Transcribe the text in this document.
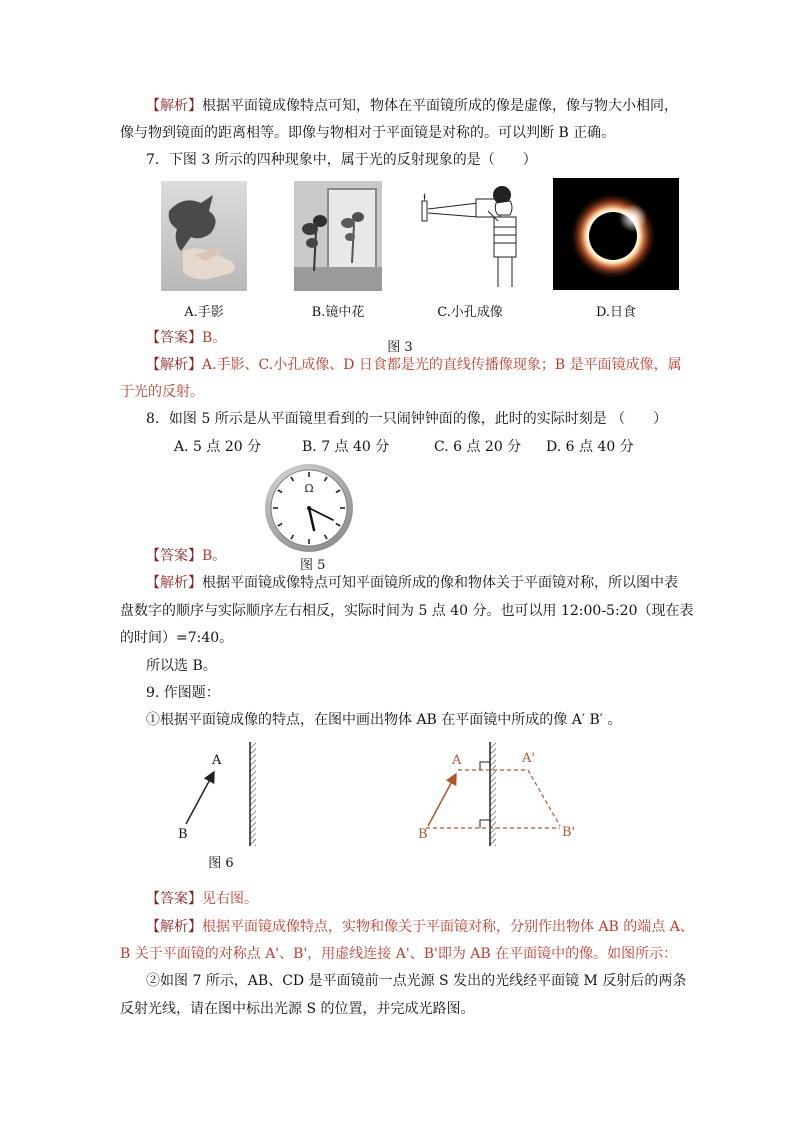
【解析】根据平面镜成像特点可知，物体在平面镜所成的像是虚像，像与物大小相同，
像与物到镜面的距离相等。即像与物相对于平面镜是对称的。可以判断 B 正确。
7．下图 3 所示的四种现象中，属于光的反射现象的是（　　）
A.手影	B.镜中花	C.小孔成像	D.日食
【答案】B。
图 3
【解析】A.手影、C.小孔成像、D 日食都是光的直线传播像现象；B 是平面镜成像，属
于光的反射。
8．如图 5 所示是从平面镜里看到的一只闹钟钟面的像，此时的实际时刻是 （　　）
A. 5 点 20 分	B. 7 点 40 分	C. 6 点 20 分 D. 6 点 40 分
Ω
【答案】B。
图 5
【解析】根据平面镜成像特点可知平面镜所成的像和物体关于平面镜对称，所以图中表
盘数字的顺序与实际顺序左右相反，实际时间为 5 点 40 分。也可以用 12:00-5:20（现在表
的时间）=7:40。
所以选 B。
9. 作图题：
①根据平面镜成像的特点，在图中画出物体 AB 在平面镜中所成的像 A′ B′ 。
A
B
图 6
A
B
A'
B'
【答案】见右图。
【解析】根据平面镜成像特点，实物和像关于平面镜对称，分别作出物体 AB 的端点 A、
B 关于平面镜的对称点 A'、B'，用虚线连接 A'、B'即为 AB 在平面镜中的像。如图所示：
②如图 7 所示，AB、CD 是平面镜前一点光源 S 发出的光线经平面镜 M 反射后的两条
反射光线，请在图中标出光源 S 的位置，并完成光路图。
